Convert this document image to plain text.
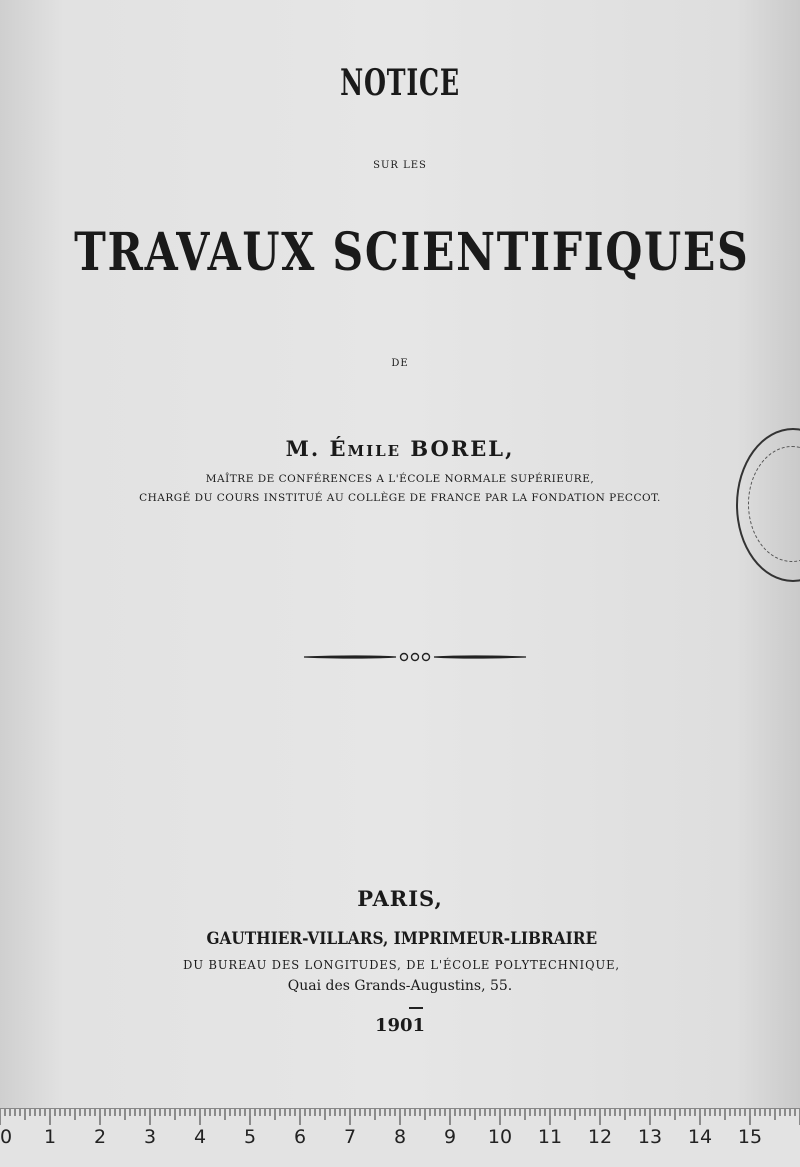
NOTICE
SUR LES
TRAVAUX SCIENTIFIQUES
DE
M. ÉMILE BOREL,
MAÎTRE DE CONFÉRENCES A L'ÉCOLE NORMALE SUPÉRIEURE,
CHARGÉ DU COURS INSTITUÉ AU COLLÈGE DE FRANCE PAR LA FONDATION PECCOT.
PARIS,
GAUTHIER-VILLARS, IMPRIMEUR-LIBRAIRE
DU BUREAU DES LONGITUDES, DE L'ÉCOLE POLYTECHNIQUE,
Quai des Grands-Augustins, 55.
1901
0 1 2 3 4 5 6 7 8 9 10 11 12 13 14 15
